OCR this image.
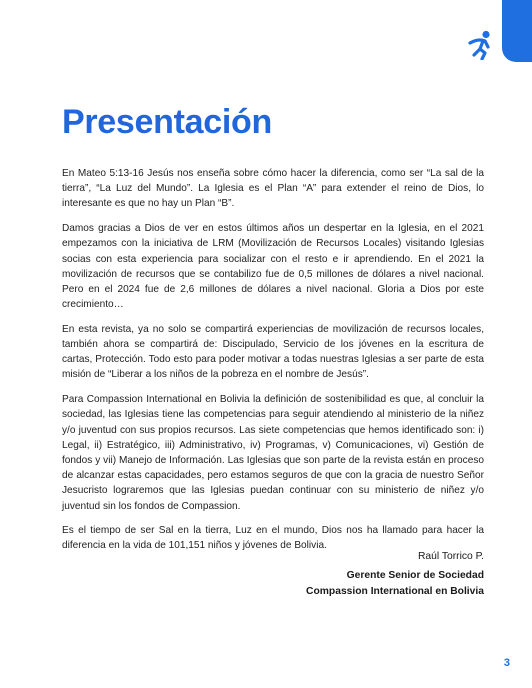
Presentación

En Mateo 5:13-16 Jesús nos enseña sobre cómo hacer la diferencia, como ser “La sal de la tierra”, “La Luz del Mundo”. La Iglesia es el Plan “A” para extender el reino de Dios, lo interesante es que no hay un Plan “B”.

Damos gracias a Dios de ver en estos últimos años un despertar en la Iglesia, en el 2021 empezamos con la iniciativa de LRM (Movilización de Recursos Locales) visitando Iglesias socias con esta experiencia para socializar con el resto e ir aprendiendo. En el 2021 la movilización de recursos que se contabilizo fue de 0,5 millones de dólares a nivel nacional. Pero en el 2024 fue de 2,6 millones de dólares a nivel nacional. Gloria a Dios por este crecimiento…

En esta revista, ya no solo se compartirá experiencias de movilización de recursos locales, también ahora se compartirá de: Discipulado, Servicio de los jóvenes en la escritura de cartas, Protección. Todo esto para poder motivar a todas nuestras Iglesias a ser parte de esta misión de “Liberar a los niños de la pobreza en el nombre de Jesús”.

Para Compassion International en Bolivia la definición de sostenibilidad es que, al concluir la sociedad, las Iglesias tiene las competencias para seguir atendiendo al ministerio de la niñez y/o juventud con sus propios recursos. Las siete competencias que hemos identificado son: i) Legal, ii) Estratégico, iii) Administrativo, iv) Programas, v) Comunicaciones, vi) Gestión de fondos y vii) Manejo de Información. Las Iglesias que son parte de la revista están en proceso de alcanzar estas capacidades, pero estamos seguros de que con la gracia de nuestro Señor Jesucristo lograremos que las Iglesias puedan continuar con su ministerio de niñez y/o juventud sin los fondos de Compassion.

Es el tiempo de ser Sal en la tierra, Luz en el mundo, Dios nos ha llamado para hacer la diferencia en la vida de 101,151 niños y jóvenes de Bolivia.

Raúl Torrico P.
Gerente Senior de Sociedad
Compassion International en Bolivia
3
